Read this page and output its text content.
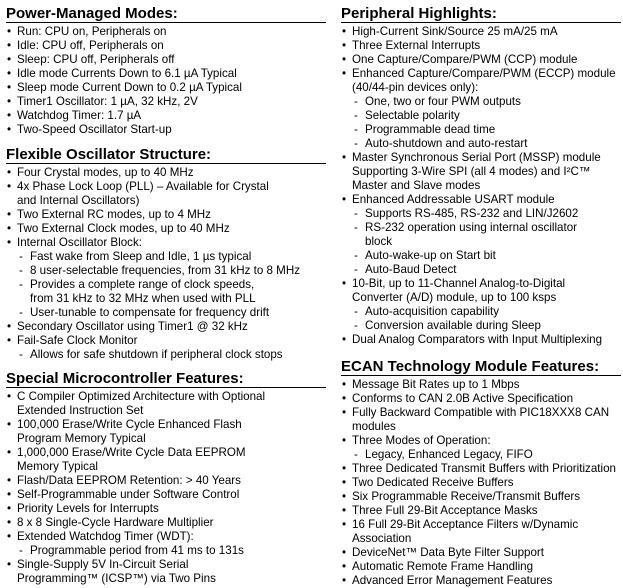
Power-Managed Modes:
• Run: CPU on, Peripherals on
• Idle: CPU off, Peripherals on
• Sleep: CPU off, Peripherals off
• Idle mode Currents Down to 6.1 µA Typical
• Sleep mode Current Down to 0.2 µA Typical
• Timer1 Oscillator: 1 µA, 32 kHz, 2V
• Watchdog Timer: 1.7 µA
• Two-Speed Oscillator Start-up
Flexible Oscillator Structure:
• Four Crystal modes, up to 40 MHz
• 4x Phase Lock Loop (PLL) – Available for Crystal
and Internal Oscillators)
• Two External RC modes, up to 4 MHz
• Two External Clock modes, up to 40 MHz
• Internal Oscillator Block:
- Fast wake from Sleep and Idle, 1 µs typical
- 8 user-selectable frequencies, from 31 kHz to 8 MHz
- Provides a complete range of clock speeds,
from 31 kHz to 32 MHz when used with PLL
- User-tunable to compensate for frequency drift
• Secondary Oscillator using Timer1 @ 32 kHz
• Fail-Safe Clock Monitor
- Allows for safe shutdown if peripheral clock stops
Special Microcontroller Features:
• C Compiler Optimized Architecture with Optional
Extended Instruction Set
• 100,000 Erase/Write Cycle Enhanced Flash
Program Memory Typical
• 1,000,000 Erase/Write Cycle Data EEPROM
Memory Typical
• Flash/Data EEPROM Retention: > 40 Years
• Self-Programmable under Software Control
• Priority Levels for Interrupts
• 8 x 8 Single-Cycle Hardware Multiplier
• Extended Watchdog Timer (WDT):
- Programmable period from 41 ms to 131s
• Single-Supply 5V In-Circuit Serial
Programming™ (ICSP™) via Two Pins
Peripheral Highlights:
• High-Current Sink/Source 25 mA/25 mA
• Three External Interrupts
• One Capture/Compare/PWM (CCP) module
• Enhanced Capture/Compare/PWM (ECCP) module
(40/44-pin devices only):
- One, two or four PWM outputs
- Selectable polarity
- Programmable dead time
- Auto-shutdown and auto-restart
• Master Synchronous Serial Port (MSSP) module
Supporting 3-Wire SPI (all 4 modes) and I²C™
Master and Slave modes
• Enhanced Addressable USART module
- Supports RS-485, RS-232 and LIN/J2602
- RS-232 operation using internal oscillator
block
- Auto-wake-up on Start bit
- Auto-Baud Detect
• 10-Bit, up to 11-Channel Analog-to-Digital
Converter (A/D) module, up to 100 ksps
- Auto-acquisition capability
- Conversion available during Sleep
• Dual Analog Comparators with Input Multiplexing
ECAN Technology Module Features:
• Message Bit Rates up to 1 Mbps
• Conforms to CAN 2.0B Active Specification
• Fully Backward Compatible with PIC18XXX8 CAN
modules
• Three Modes of Operation:
- Legacy, Enhanced Legacy, FIFO
• Three Dedicated Transmit Buffers with Prioritization
• Two Dedicated Receive Buffers
• Six Programmable Receive/Transmit Buffers
• Three Full 29-Bit Acceptance Masks
• 16 Full 29-Bit Acceptance Filters w/Dynamic
Association
• DeviceNet™ Data Byte Filter Support
• Automatic Remote Frame Handling
• Advanced Error Management Features
